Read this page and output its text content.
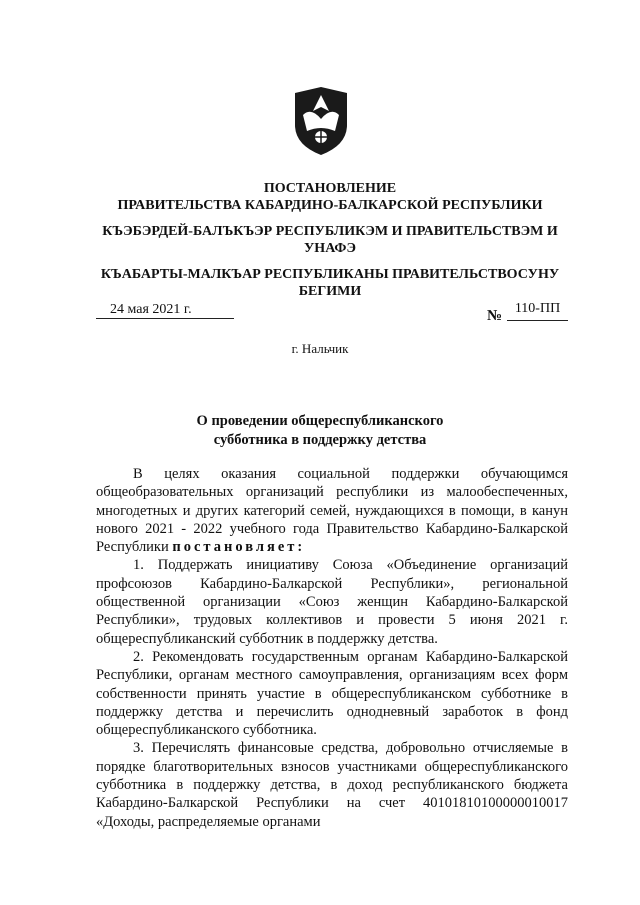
ПОСТАНОВЛЕНИЕ
ПРАВИТЕЛЬСТВА КАБАРДИНО-БАЛКАРСКОЙ РЕСПУБЛИКИ
КЪЭБЭРДЕЙ-БАЛЪКЪЭР РЕСПУБЛИКЭМ И ПРАВИТЕЛЬСТВЭМ И УНАФЭ
КЪАБАРТЫ-МАЛКЪАР РЕСПУБЛИКАНЫ ПРАВИТЕЛЬСТВОСУНУ БЕГИМИ
24 мая 2021 г.	№ 110-ПП
г. Нальчик
О проведении общереспубликанского
субботника в поддержку детства

В целях оказания социальной поддержки обучающимся общеобразовательных организаций республики из малообеспеченных, многодетных и других категорий семей, нуждающихся в помощи, в канун нового 2021 - 2022 учебного года Правительство Кабардино-Балкарской Республики постановляет:

1. Поддержать инициативу Союза «Объединение организаций профсоюзов Кабардино-Балкарской Республики», региональной общественной организации «Союз женщин Кабардино-Балкарской Республики», трудовых коллективов и провести 5 июня 2021 г. общереспубликанский субботник в поддержку детства.

2. Рекомендовать государственным органам Кабардино-Балкарской Республики, органам местного самоуправления, организациям всех форм собственности принять участие в общереспубликанском субботнике в поддержку детства и перечислить однодневный заработок в фонд общереспубликанского субботника.

3. Перечислять финансовые средства, добровольно отчисляемые в порядке благотворительных взносов участниками общереспубликанского субботника в поддержку детства, в доход республиканского бюджета Кабардино-Балкарской Республики на счет 40101810100000010017 «Доходы, распределяемые органами
